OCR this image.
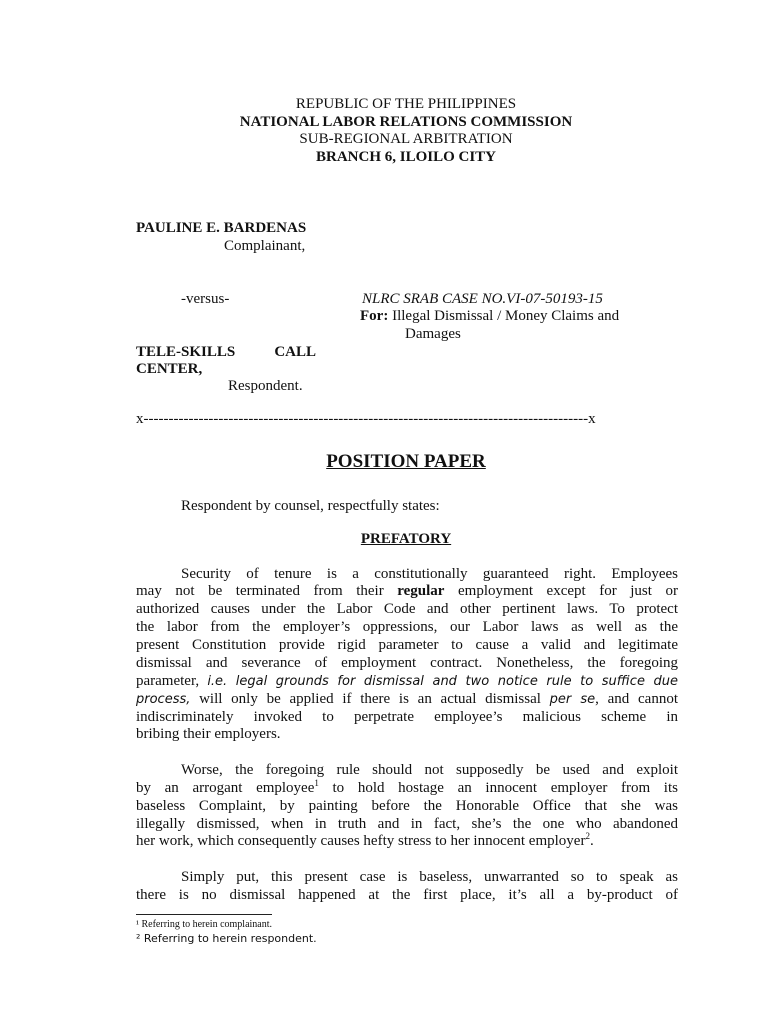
REPUBLIC OF THE PHILIPPINES
NATIONAL LABOR RELATIONS COMMISSION
SUB-REGIONAL ARBITRATION
BRANCH 6, ILOILO CITY
PAULINE E. BARDENAS
Complainant,
-versus-	NLRC SRAB CASE NO.VI-07-50193-15
For: Illegal Dismissal / Money Claims and
Damages
TELE-SKILLS CALL
CENTER,
Respondent.
x-----------------------------------------------------------------------------------------x
POSITION PAPER
Respondent by counsel, respectfully states:
PREFATORY
Security of tenure is a constitutionally guaranteed right. Employees
may not be terminated from their regular employment except for just or
authorized causes under the Labor Code and other pertinent laws. To protect
the labor from the employer’s oppressions, our Labor laws as well as the
present Constitution provide rigid parameter to cause a valid and legitimate
dismissal and severance of employment contract. Nonetheless, the foregoing
parameter, i.e. legal grounds for dismissal and two notice rule to suffice due
process, will only be applied if there is an actual dismissal per se, and cannot
indiscriminately invoked to perpetrate employee’s malicious scheme in
bribing their employers.
Worse, the foregoing rule should not supposedly be used and exploit
by an arrogant employee$^1$ to hold hostage an innocent employer from its
baseless Complaint, by painting before the Honorable Office that she was
illegally dismissed, when in truth and in fact, she’s the one who abandoned
her work, which consequently causes hefty stress to her innocent employer$^2$.
Simply put, this present case is baseless, unwarranted so to speak as
there is no dismissal happened at the first place, it’s all a by-product of
¹ Referring to herein complainant.
² Referring to herein respondent.
